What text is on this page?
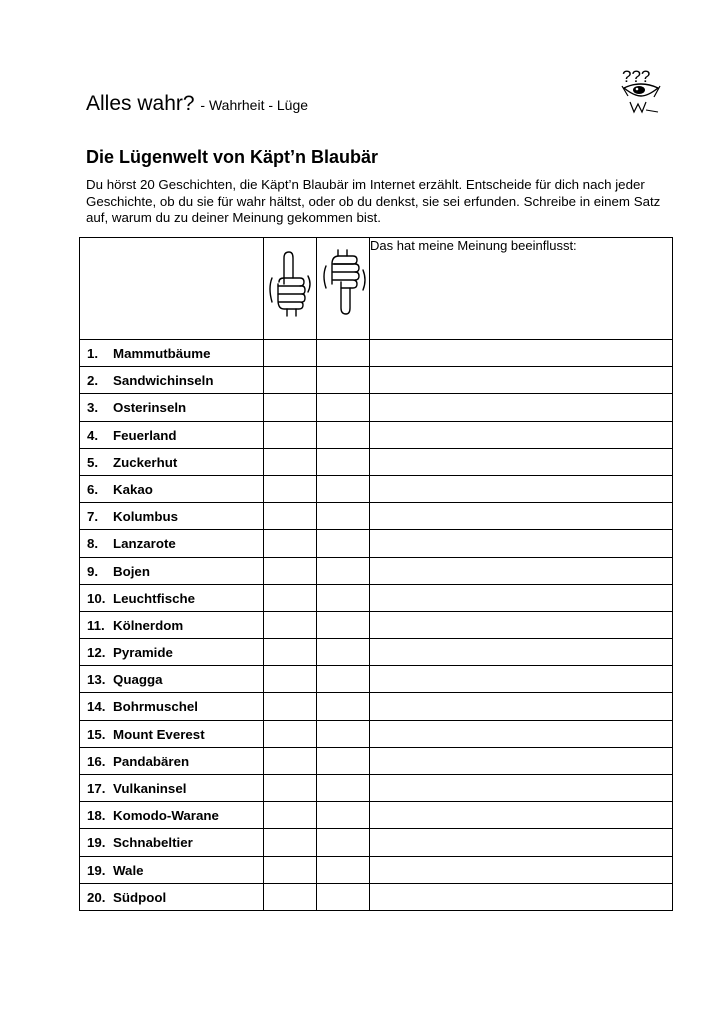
Alles wahr? - Wahrheit - Lüge
???
Die Lügenwelt von Käpt’n Blaubär
Du hörst 20 Geschichten, die Käpt’n Blaubär im Internet erzählt. Entscheide für dich nach jeder Geschichte, ob du sie für wahr hältst, oder ob du denkst, sie sei erfunden. Schreibe in einem Satz auf, warum du zu deiner Meinung gekommen bist.

	Das hat meine Meinung beeinflusst:

1. Mammutbäume			

2. Sandwichinseln			

3. Osterinseln			

4. Feuerland			

5. Zuckerhut			

6. Kakao			

7. Kolumbus			

8. Lanzarote			

9. Bojen			

10. Leuchtfische			

11. Kölnerdom			

12. Pyramide			

13. Quagga			

14. Bohrmuschel			

15. Mount Everest			

16. Pandabären			

17. Vulkaninsel			

18. Komodo-Warane			

19. Schnabeltier			

19. Wale			

20. Südpool			
